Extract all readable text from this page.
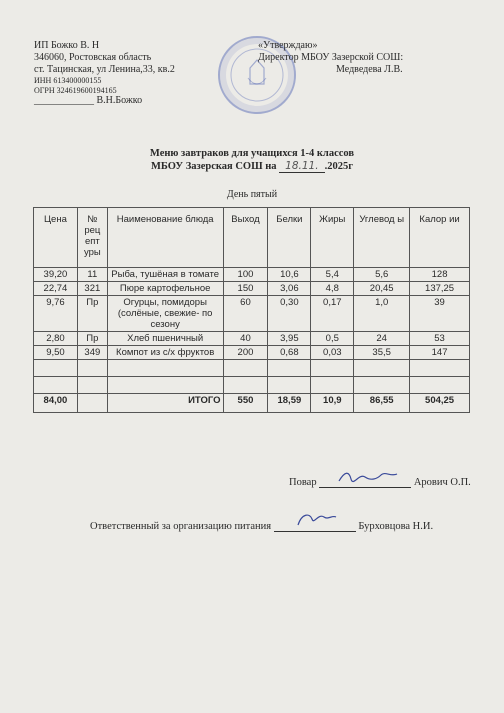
ИП Божко В. Н
346060, Ростовская область
ст. Тацинская, ул Ленина,33, кв.2
ИНН 613400000155
ОГРН 324619600194165
____________ В.Н.Божко
«Утверждаю»
Директор МБОУ Зазерской СОШ:
Медведева Л.В.
Меню завтраков для учащихся 1-4 классов
МБОУ Зазерская СОШ на 18.11. .2025г
День пятый
Цена	№ рец епт уры	Наименование блюда	Выход	Белки	Жиры	Углевод ы	Калор ии
39,20	11	Рыба, тушёная в томате	100	10,6	5,4	5,6	128
22,74	321	Пюре картофельное	150	3,06	4,8	20,45	137,25
9,76	Пр	Огурцы, помидоры (солёные, свежие- по сезону	60	0,30	0,17	1,0	39
2,80	Пр	Хлеб пшеничный	40	3,95	0,5	24	53
9,50	349	Компот из с/х фруктов	200	0,68	0,03	35,5	147

84,00		ИТОГО	550	18,59	10,9	86,55	504,25
Повар	Арович О.П.
Ответственный за организацию питания	Бурховцова Н.И.
